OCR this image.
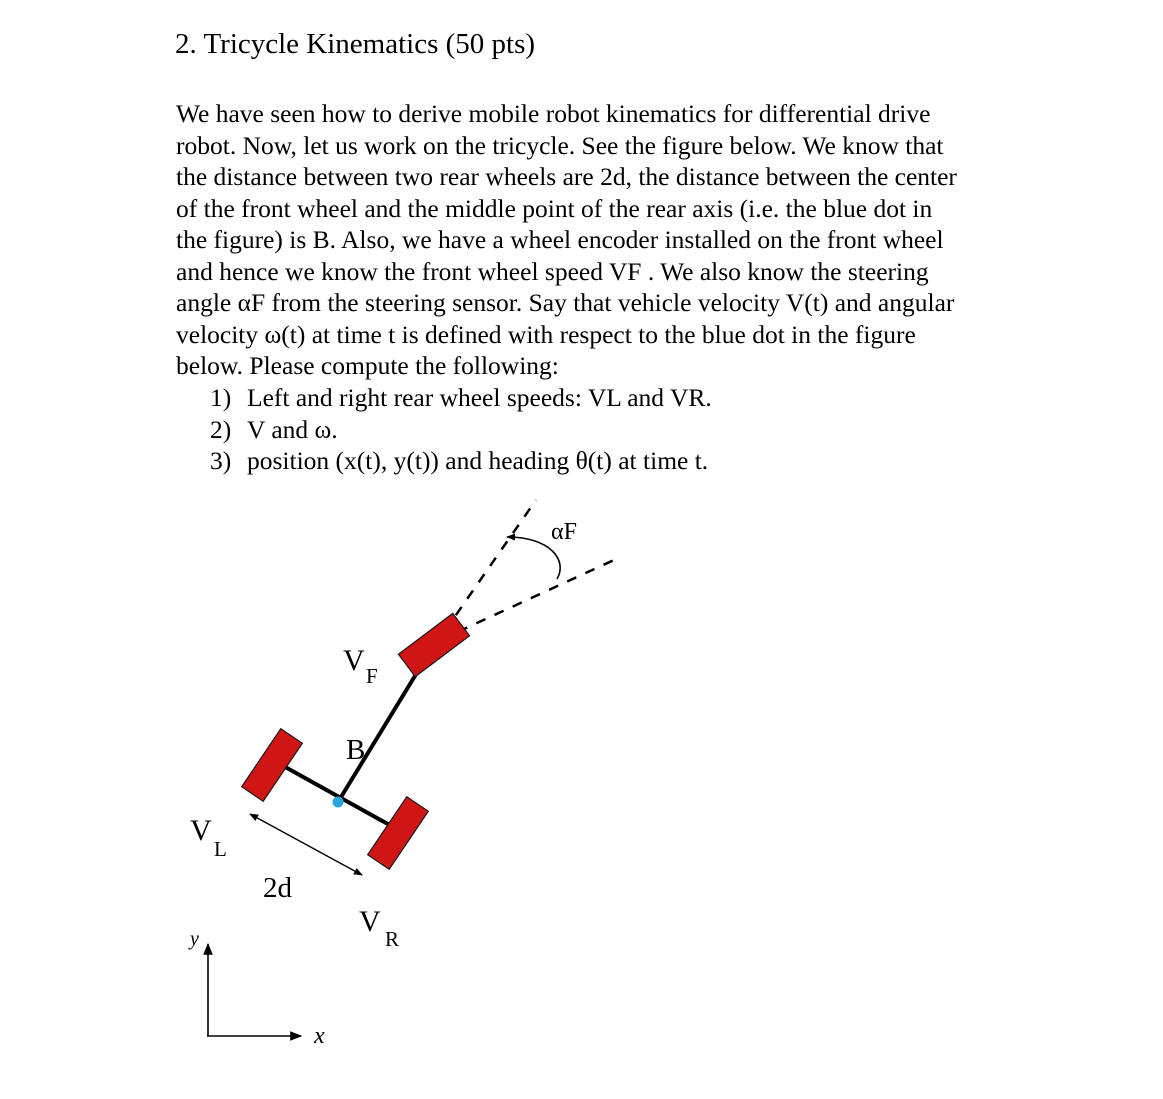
2. Tricycle Kinematics (50 pts)

We have seen how to derive mobile robot kinematics for differential drive

robot. Now, let us work on the tricycle. See the figure below. We know that

the distance between two rear wheels are 2d, the distance between the center

of the front wheel and the middle point of the rear axis (i.e. the blue dot in

the figure) is B. Also, we have a wheel encoder installed on the front wheel

and hence we know the front wheel speed VF . We also know the steering

angle αF from the steering sensor. Say that vehicle velocity V(t) and angular

velocity ω(t) at time t is defined with respect to the blue dot in the figure

below. Please compute the following:

1) Left and right rear wheel speeds: VL and VR.
2) V and ω.
3) position (x(t), y(t)) and heading θ(t) at time t.
αF
2d
V F
B
V L
V R
y
x
